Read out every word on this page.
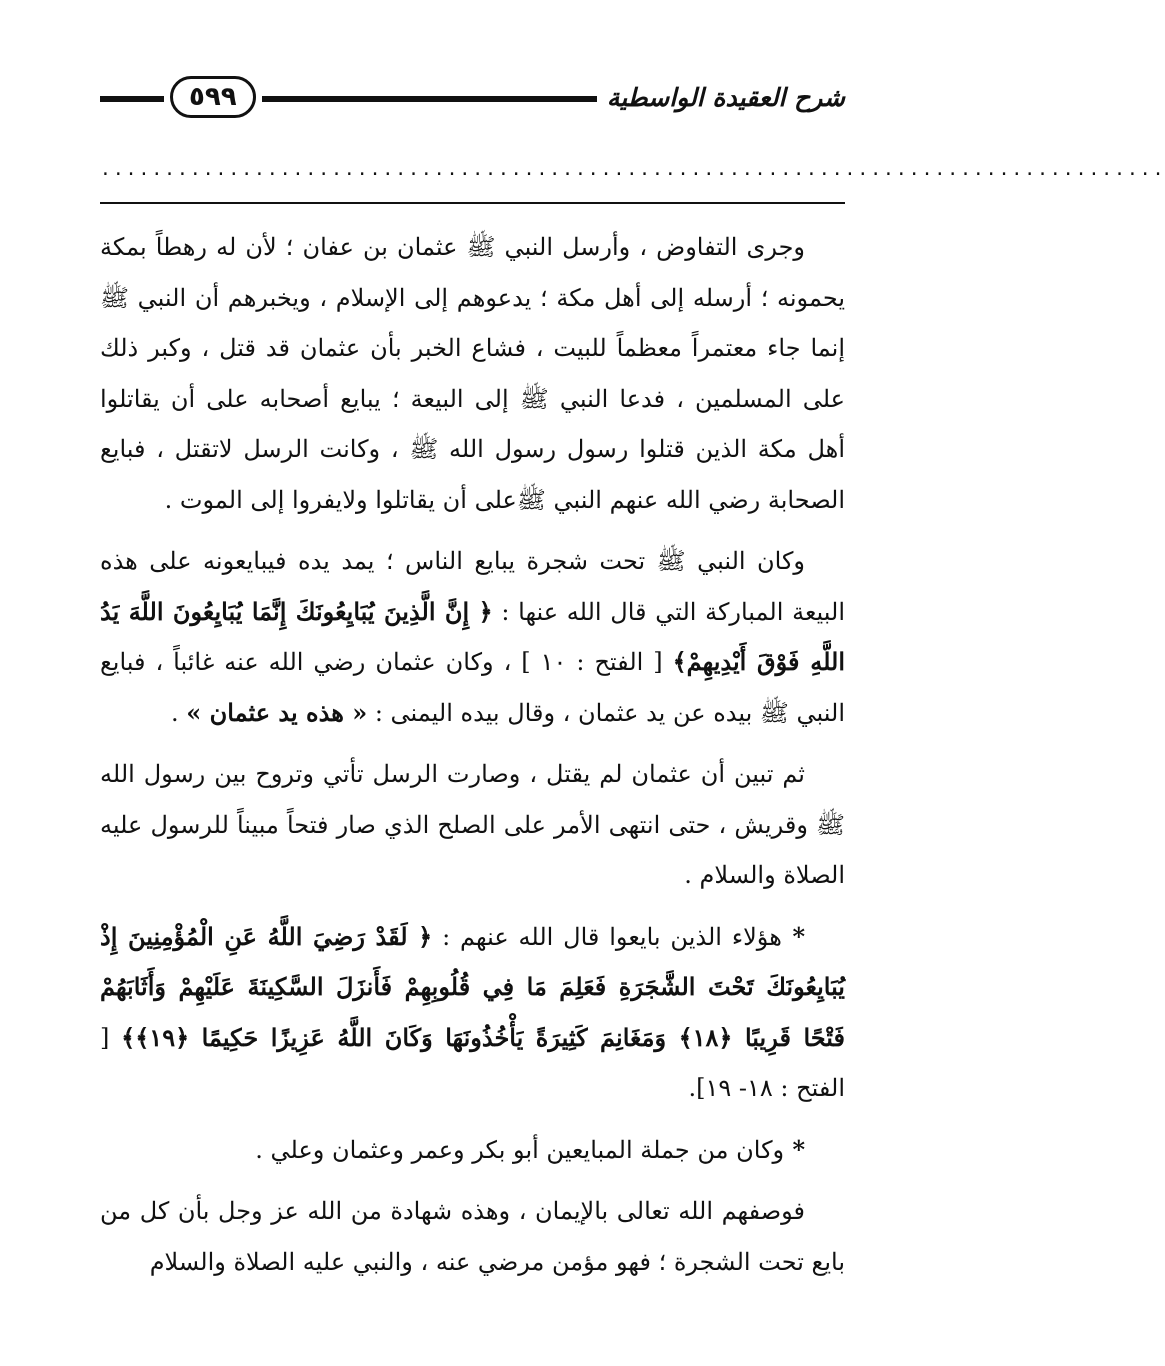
شرح العقيدة الواسطية
٥٩٩
...................................................................................

وجرى التفاوض ، وأرسل النبي ﷺ عثمان بن عفان ؛ لأن له رهطاً بمكة يحمونه ؛ أرسله إلى أهل مكة ؛ يدعوهم إلى الإسلام ، ويخبرهم أن النبي ﷺ إنما جاء معتمراً معظماً للبيت ، فشاع الخبر بأن عثمان قد قتل ، وكبر ذلك على المسلمين ، فدعا النبي ﷺ إلى البيعة ؛ يبايع أصحابه على أن يقاتلوا أهل مكة الذين قتلوا رسول رسول الله ﷺ ، وكانت الرسل لاتقتل ، فبايع الصحابة رضي الله عنهم النبي ﷺعلى أن يقاتلوا ولايفروا إلى الموت .

وكان النبي ﷺ تحت شجرة يبايع الناس ؛ يمد يده فيبايعونه على هذه البيعة المباركة التي قال الله عنها : ﴿ إِنَّ الَّذِينَ يُبَايِعُونَكَ إِنَّمَا يُبَايِعُونَ اللَّهَ يَدُ اللَّهِ فَوْقَ أَيْدِيهِمْ﴾ [ الفتح : ١٠ ] ، وكان عثمان رضي الله عنه غائباً ، فبايع النبي ﷺ بيده عن يد عثمان ، وقال بيده اليمنى : « هذه يد عثمان » .

ثم تبين أن عثمان لم يقتل ، وصارت الرسل تأتي وتروح بين رسول الله ﷺ وقريش ، حتى انتهى الأمر على الصلح الذي صار فتحاً مبيناً للرسول عليه الصلاة والسلام .

* هؤلاء الذين بايعوا قال الله عنهم : ﴿ لَقَدْ رَضِيَ اللَّهُ عَنِ الْمُؤْمِنِينَ إِذْ يُبَايِعُونَكَ تَحْتَ الشَّجَرَةِ فَعَلِمَ مَا فِي قُلُوبِهِمْ فَأَنزَلَ السَّكِينَةَ عَلَيْهِمْ وَأَثَابَهُمْ فَتْحًا قَرِيبًا ﴿١٨﴾ وَمَغَانِمَ كَثِيرَةً يَأْخُذُونَهَا وَكَانَ اللَّهُ عَزِيزًا حَكِيمًا ﴿١٩﴾﴾ [ الفتح : ١٨- ١٩].

* وكان من جملة المبايعين أبو بكر وعمر وعثمان وعلي .

فوصفهم الله تعالى بالإيمان ، وهذه شهادة من الله عز وجل بأن كل من بايع تحت الشجرة ؛ فهو مؤمن مرضي عنه ، والنبي عليه الصلاة والسلام
